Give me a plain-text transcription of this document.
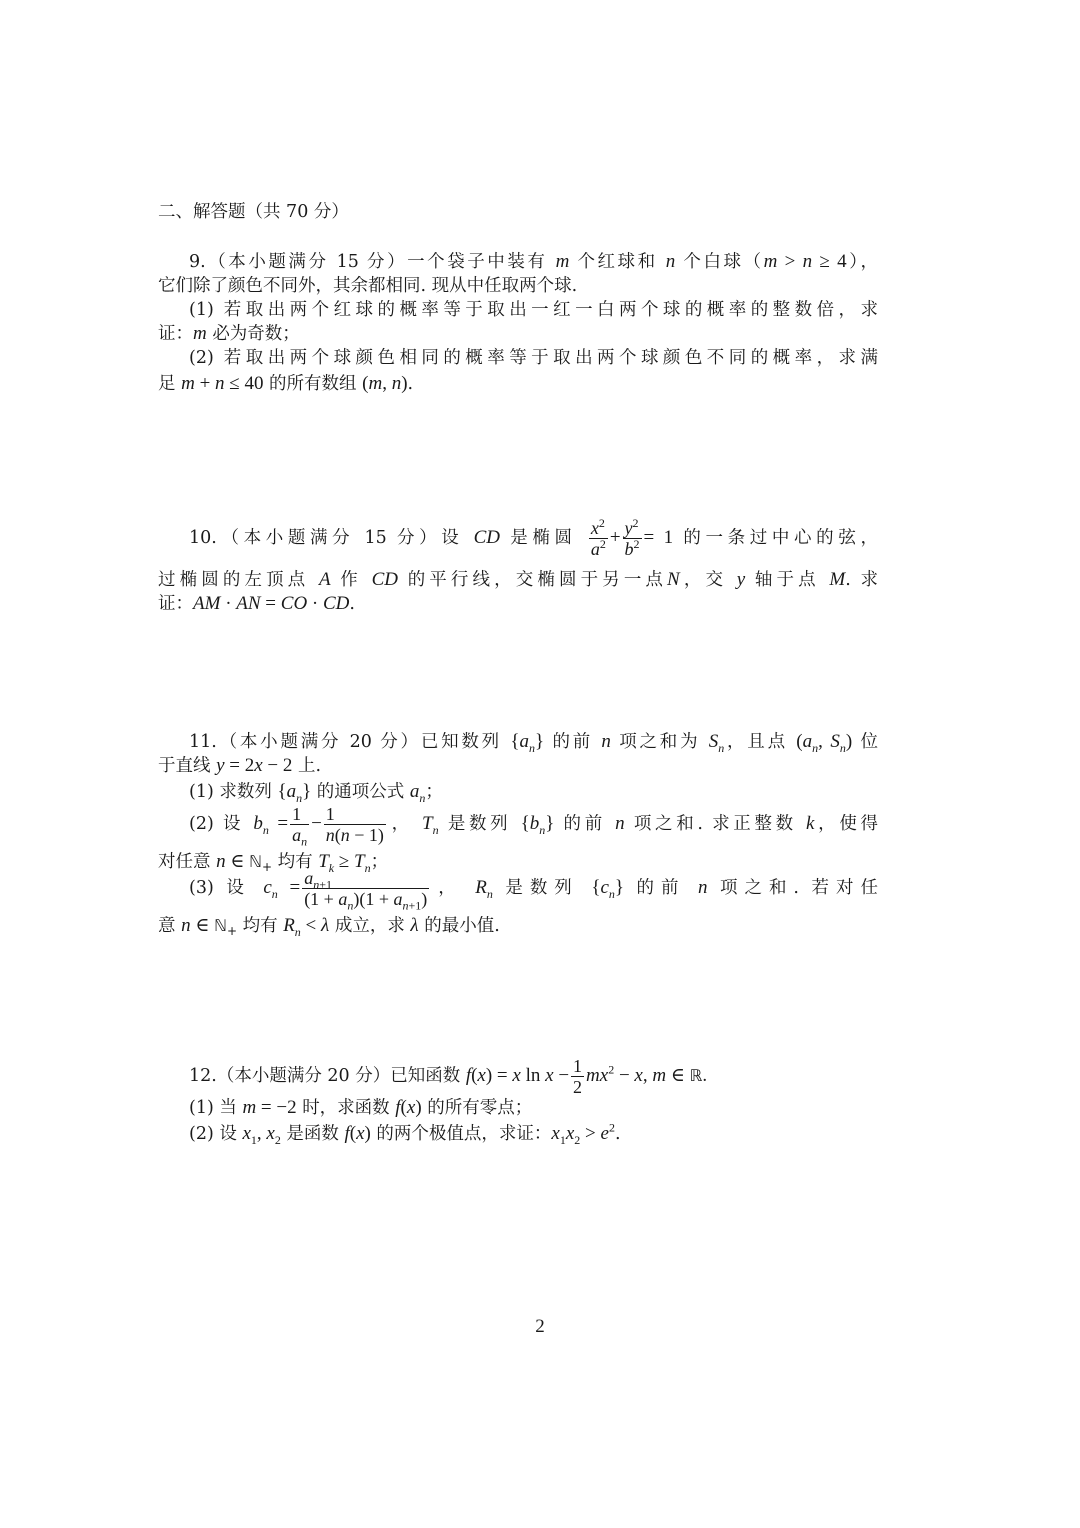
二、解答题（共 70 分）
9.（本小题满分 15 分）一个袋子中装有 m 个红球和 n 个白球（m > n ≥ 4），
它们除了颜色不同外，其余都相同. 现从中任取两个球.
(1) 若取出两个红球的概率等于取出一红一白两个球的概率的整数倍，求
证：m 必为奇数；
(2) 若取出两个球颜色相同的概率等于取出两个球颜色不同的概率，求满
足 m + n ≤ 40 的所有数组 (m, n).
10.（本小题满分 15 分）设 CD 是椭圆 $\frac{x^2}{a^2} + \frac{y^2}{b^2} = 1$ 的一条过中心的弦，
过椭圆的左顶点 A 作 CD 的平行线，交椭圆于另一点N，交 y 轴于点 M. 求
证：AM · AN = CO · CD.
11.（本小题满分 20 分）已知数列 $\{a_n\}$ 的前 n 项之和为 $S_n$，且点 ($a_n$, $S_n$) 位
于直线 y = 2x − 2 上.
(1) 求数列 $\{a_n\}$ 的通项公式 $a_n$；
(2) 设 $b_n = \frac{1}{a_n} - \frac{1}{n(n - 1)}$ ， $T_n$ 是数列 $\{b_n\}$ 的前 n 项之和. 求正整数 k，使得
对任意 n ∈ ℕ$_+$ 均有 $T_k \ge T_n$；
(3) 设 $c_n = \frac{a_{n+1}}{(1 + a_n)(1 + a_{n+1})}$ ， $R_n$ 是数列 $\{c_n\}$ 的前 n 项之和. 若对任
意 n ∈ ℕ$_+$ 均有 $R_n < \lambda$ 成立，求 λ 的最小值.
12.（本小题满分 20 分）已知函数 f(x) = x $\ln x - \frac{1}{2} mx^2 - x$, m ∈ ℝ.
(1) 当 m = −2 时，求函数 f(x) 的所有零点；
(2) 设 $x_1$, $x_2$ 是函数 f(x) 的两个极值点，求证：$x_1x_2 > e^2$.
2
